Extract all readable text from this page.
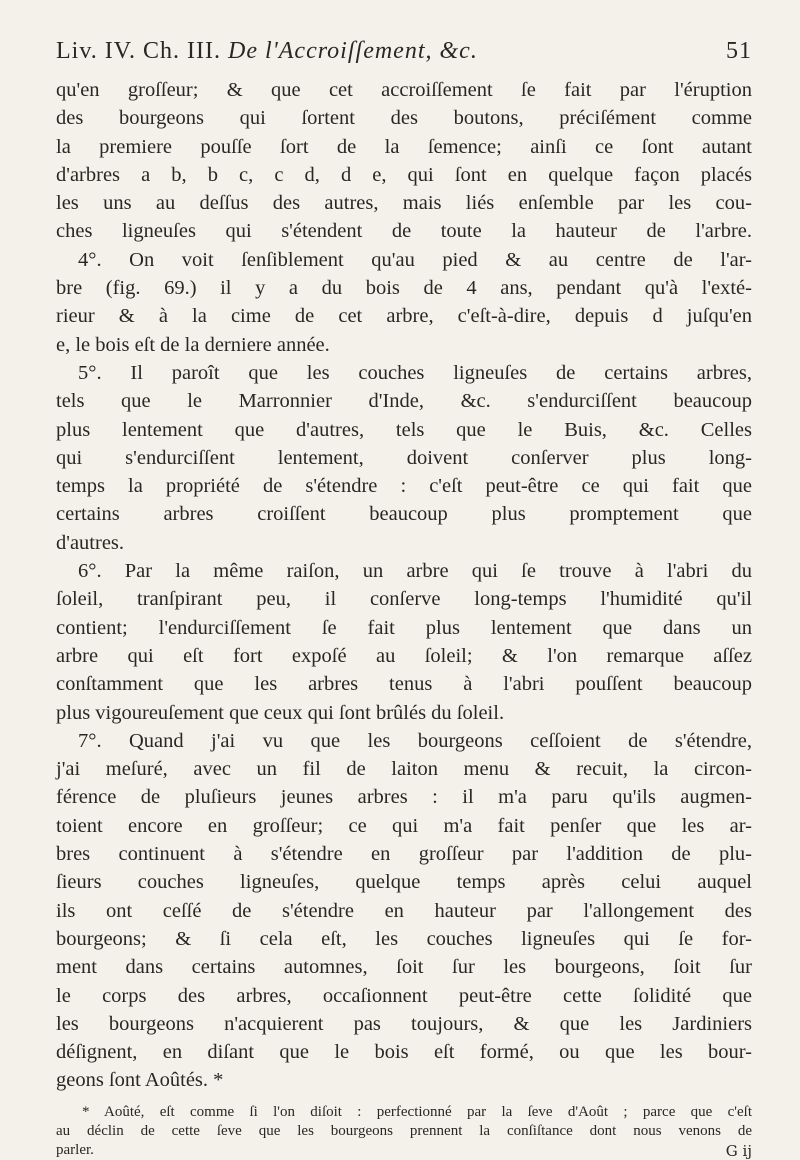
Liv. IV. Ch. III. De l'Accroiſſement, &c.	51
qu'en groſſeur; & que cet accroiſſement ſe fait par l'éruption
des bourgeons qui ſortent des boutons, préciſément comme
la premiere pouſſe ſort de la ſemence; ainſi ce ſont autant
d'arbres a b, b c, c d, d e, qui ſont en quelque façon placés
les uns au deſſus des autres, mais liés enſemble par les cou-
ches ligneuſes qui s'étendent de toute la hauteur de l'arbre.
4°. On voit ſenſiblement qu'au pied & au centre de l'ar-
bre (fig. 69.) il y a du bois de 4 ans, pendant qu'à l'exté-
rieur & à la cime de cet arbre, c'eſt-à-dire, depuis d juſqu'en
e, le bois eſt de la derniere année.
5°. Il paroît que les couches ligneuſes de certains arbres,
tels que le Marronnier d'Inde, &c. s'endurciſſent beaucoup
plus lentement que d'autres, tels que le Buis, &c. Celles
qui s'endurciſſent lentement, doivent conſerver plus long-
temps la propriété de s'étendre : c'eſt peut-être ce qui fait que
certains arbres croiſſent beaucoup plus promptement que
d'autres.
6°. Par la même raiſon, un arbre qui ſe trouve à l'abri du
ſoleil, tranſpirant peu, il conſerve long-temps l'humidité qu'il
contient; l'endurciſſement ſe fait plus lentement que dans un
arbre qui eſt fort expoſé au ſoleil; & l'on remarque aſſez
conſtamment que les arbres tenus à l'abri pouſſent beaucoup
plus vigoureuſement que ceux qui ſont brûlés du ſoleil.
7°. Quand j'ai vu que les bourgeons ceſſoient de s'étendre,
j'ai meſuré, avec un fil de laiton menu & recuit, la circon-
férence de pluſieurs jeunes arbres : il m'a paru qu'ils augmen-
toient encore en groſſeur; ce qui m'a fait penſer que les ar-
bres continuent à s'étendre en groſſeur par l'addition de plu-
ſieurs couches ligneuſes, quelque temps après celui auquel
ils ont ceſſé de s'étendre en hauteur par l'allongement des
bourgeons; & ſi cela eſt, les couches ligneuſes qui ſe for-
ment dans certains automnes, ſoit ſur les bourgeons, ſoit ſur
le corps des arbres, occaſionnent peut-être cette ſolidité que
les bourgeons n'acquierent pas toujours, & que les Jardiniers
déſignent, en diſant que le bois eſt formé, ou que les bour-
geons ſont Aoûtés. *
* Aoûté, eſt comme ſi l'on diſoit : perfectionné par la ſeve d'Août ; parce que c'eſt
au déclin de cette ſeve que les bourgeons prennent la conſiſtance dont nous venons de
parler.	G ij
